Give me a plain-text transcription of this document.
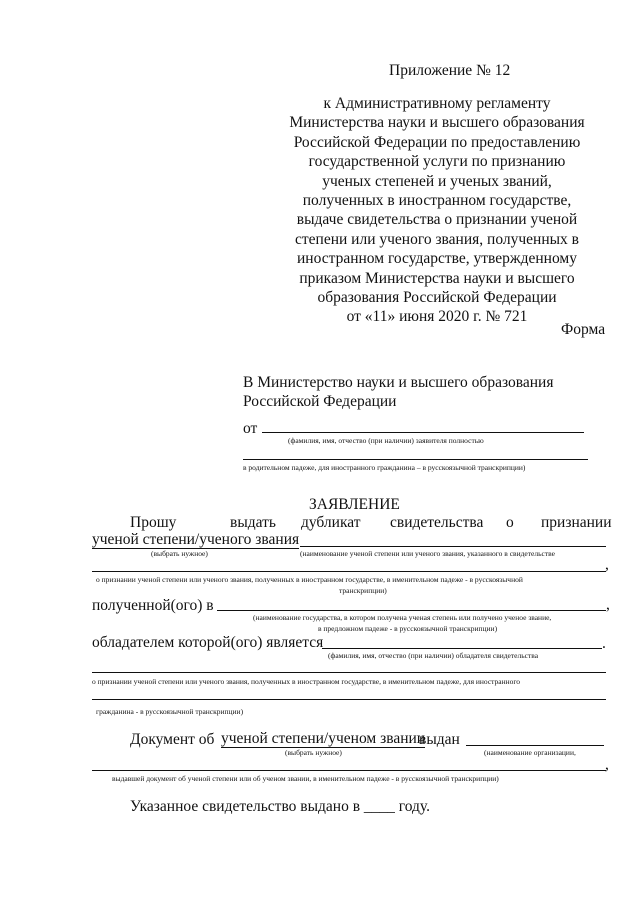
Приложение № 12
к Административному регламенту
Министерства науки и высшего образования
Российской Федерации по предоставлению
государственной услуги по признанию
ученых степеней и ученых званий,
полученных в иностранном государстве,
выдаче свидетельства о признании ученой
степени или ученого звания, полученных в
иностранном государстве, утвержденному
приказом Министерства науки и высшего
образования Российской Федерации
от «11» июня 2020 г. № 721
Форма
В Министерство науки и высшего образования
Российской Федерации
от
(фамилия, имя, отчество (при наличии) заявителя полностью
в родительном падеже, для иностранного гражданина – в русскоязычной транскрипции)
ЗАЯВЛЕНИЕ
Прошу	выдать дубликат свидетельства о признании
ученой степени/ученого звания
(выбрать нужное)	(наименование ученой степени или ученого звания, указанного в свидетельстве
,
о признании ученой степени или ученого звания, полученных в иностранном государстве, в именительном падеже - в русскоязычной
транскрипции)
полученной(ого) в	,
(наименование государства, в котором получена ученая степень или получено ученое звание,
в предложном падеже - в русскоязычной транскрипции)
обладателем которой(ого) является	.
(фамилия, имя, отчество (при наличии) обладателя свидетельства
о признании ученой степени или ученого звания, полученных в иностранном государстве, в именительном падеже, для иностранного
гражданина - в русскоязычной транскрипции)
Документ об ученой степени/ученом звании
выдан
(выбрать нужное)	(наименование организации,
,
выдавшей документ об ученой степени или об ученом звании, в именительном падеже - в русскоязычной транскрипции)
Указанное свидетельство выдано в ____ году.
